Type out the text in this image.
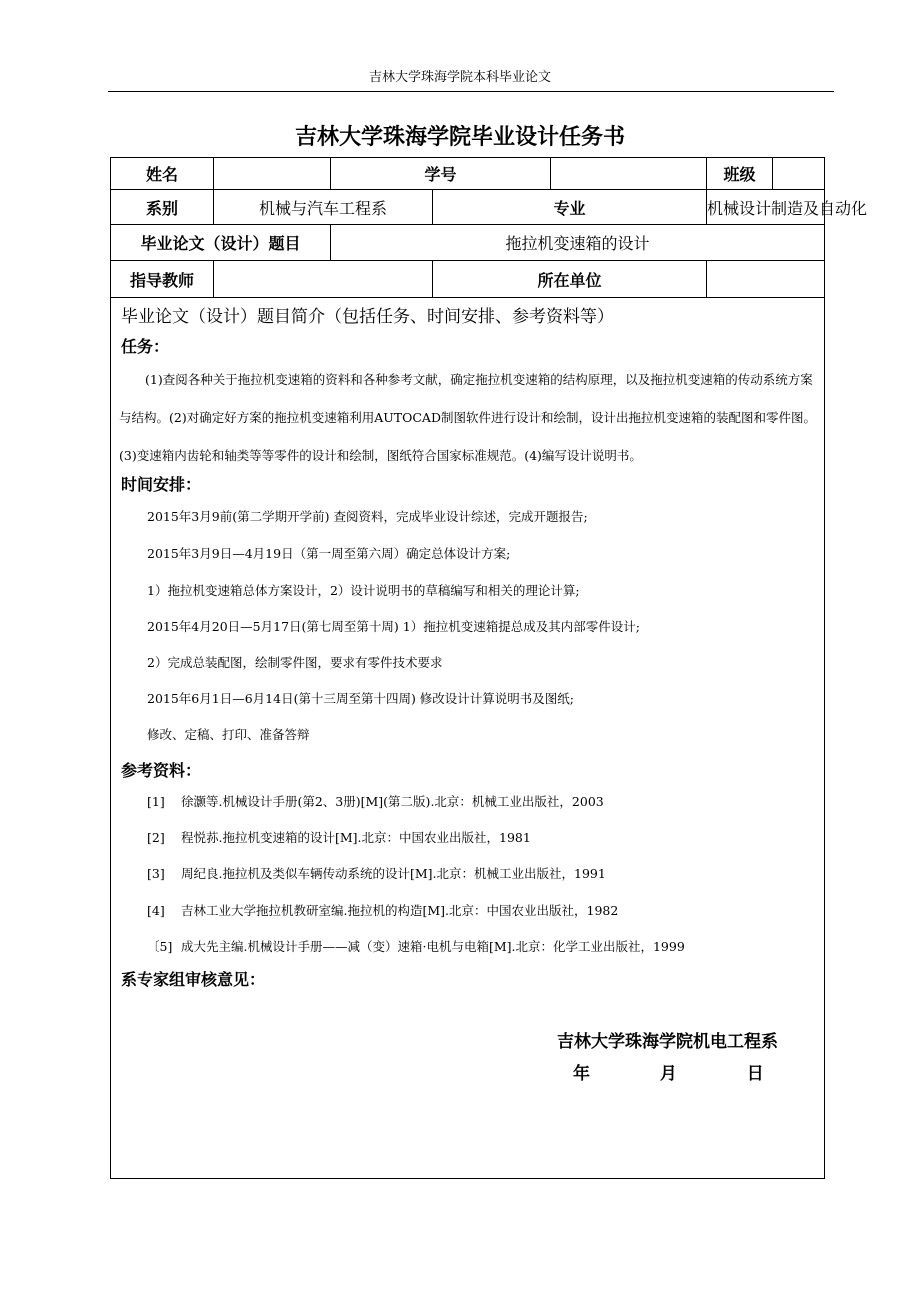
吉林大学珠海学院本科毕业论文
吉林大学珠海学院毕业设计任务书
姓名		学号			班级	
系别	机械与汽车工程系		专业		机械设计制造及自动化	
毕业论文（设计）题目		拖拉机变速箱的设计				
指导教师			所在单位			
毕业论文（设计）题目简介（包括任务、时间安排、参考资料等）
任务：
(1)查阅各种关于拖拉机变速箱的资料和各种参考文献，确定拖拉机变速箱的结构原理，以及拖拉机变速箱的传动系统方案与结构。(2)对确定好方案的拖拉机变速箱利用AUTOCAD制图软件进行设计和绘制，设计出拖拉机变速箱的装配图和零件图。(3)变速箱内齿轮和轴类等等零件的设计和绘制，图纸符合国家标准规范。(4)编写设计说明书。
时间安排：
2015年3月9前(第二学期开学前) 查阅资料，完成毕业设计综述，完成开题报告;
2015年3月9日—4月19日（第一周至第六周）确定总体设计方案;
1）拖拉机变速箱总体方案设计，2）设计说明书的草稿编写和相关的理论计算;
2015年4月20日—5月17日(第七周至第十周) 1）拖拉机变速箱提总成及其内部零件设计;
2）完成总装配图，绘制零件图，要求有零件技术要求
2015年6月1日—6月14日(第十三周至第十四周) 修改设计计算说明书及图纸;
修改、定稿、打印、准备答辩
参考资料：
[1] 徐灏等.机械设计手册(第2、3册)[M](第二版).北京：机械工业出版社，2003
[2] 程悦荪.拖拉机变速箱的设计[M].北京：中国农业出版社，1981
[3] 周纪良.拖拉机及类似车辆传动系统的设计[M].北京：机械工业出版社，1991
[4] 吉林工业大学拖拉机教研室编.拖拉机的构造[M].北京：中国农业出版社，1982
〔5] 成大先主编.机械设计手册——减（变）速箱·电机与电箱[M].北京：化学工业出版社，1999
系专家组审核意见：
吉林大学珠海学院机电工程系
年	月	日
